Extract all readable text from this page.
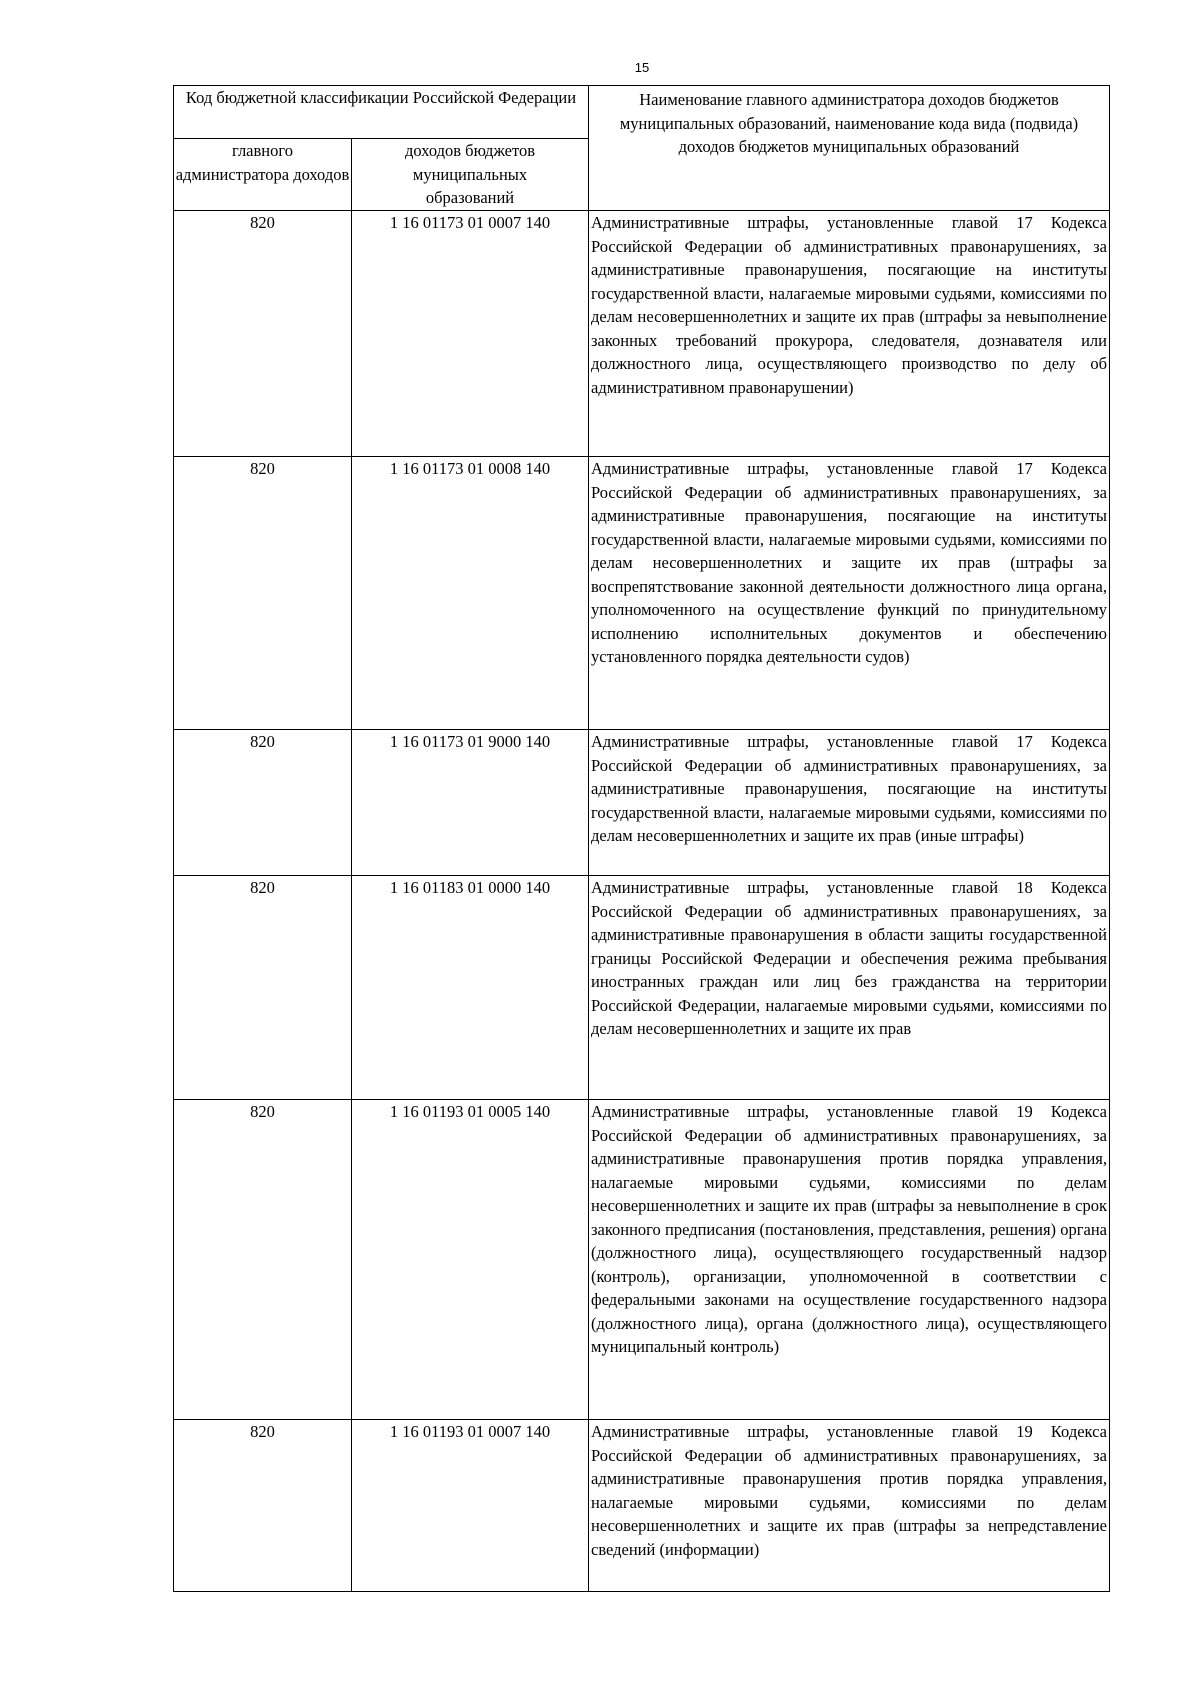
15
Код бюджетной классификации Российской Федерации		Наименование главного администратора доходов бюджетов муниципальных образований, наименование кода вида (подвида) доходов бюджетов муниципальных образований
главного администратора доходов	доходов бюджетов муниципальных образований	
820	1 16 01173 01 0007 140	Административные штрафы, установленные главой 17 Кодекса Российской Федерации об административных правонарушениях, за административные правонарушения, посягающие на институты государственной власти, налагаемые мировыми судьями, комиссиями по делам несовершеннолетних и защите их прав (штрафы за невыполнение законных требований прокурора, следователя, дознавателя или должностного лица, осуществляющего производство по делу об административном правонарушении)
820	1 16 01173 01 0008 140	Административные штрафы, установленные главой 17 Кодекса Российской Федерации об административных правонарушениях, за административные правонарушения, посягающие на институты государственной власти, налагаемые мировыми судьями, комиссиями по делам несовершеннолетних и защите их прав (штрафы за воспрепятствование законной деятельности должностного лица органа, уполномоченного на осуществление функций по принудительному исполнению исполнительных документов и обеспечению установленного порядка деятельности судов)
820	1 16 01173 01 9000 140	Административные штрафы, установленные главой 17 Кодекса Российской Федерации об административных правонарушениях, за административные правонарушения, посягающие на институты государственной власти, налагаемые мировыми судьями, комиссиями по делам несовершеннолетних и защите их прав (иные штрафы)
820	1 16 01183 01 0000 140	Административные штрафы, установленные главой 18 Кодекса Российской Федерации об административных правонарушениях, за административные правонарушения в области защиты государственной границы Российской Федерации и обеспечения режима пребывания иностранных граждан или лиц без гражданства на территории Российской Федерации, налагаемые мировыми судьями, комиссиями по делам несовершеннолетних и защите их прав
820	1 16 01193 01 0005 140	Административные штрафы, установленные главой 19 Кодекса Российской Федерации об административных правонарушениях, за административные правонарушения против порядка управления, налагаемые мировыми судьями, комиссиями по делам несовершеннолетних и защите их прав (штрафы за невыполнение в срок законного предписания (постановления, представления, решения) органа (должностного лица), осуществляющего государственный надзор (контроль), организации, уполномоченной в соответствии с федеральными законами на осуществление государственного надзора (должностного лица), органа (должностного лица), осуществляющего муниципальный контроль)
820	1 16 01193 01 0007 140	Административные штрафы, установленные главой 19 Кодекса Российской Федерации об административных правонарушениях, за административные правонарушения против порядка управления, налагаемые мировыми судьями, комиссиями по делам несовершеннолетних и защите их прав (штрафы за непредставление сведений (информации)
